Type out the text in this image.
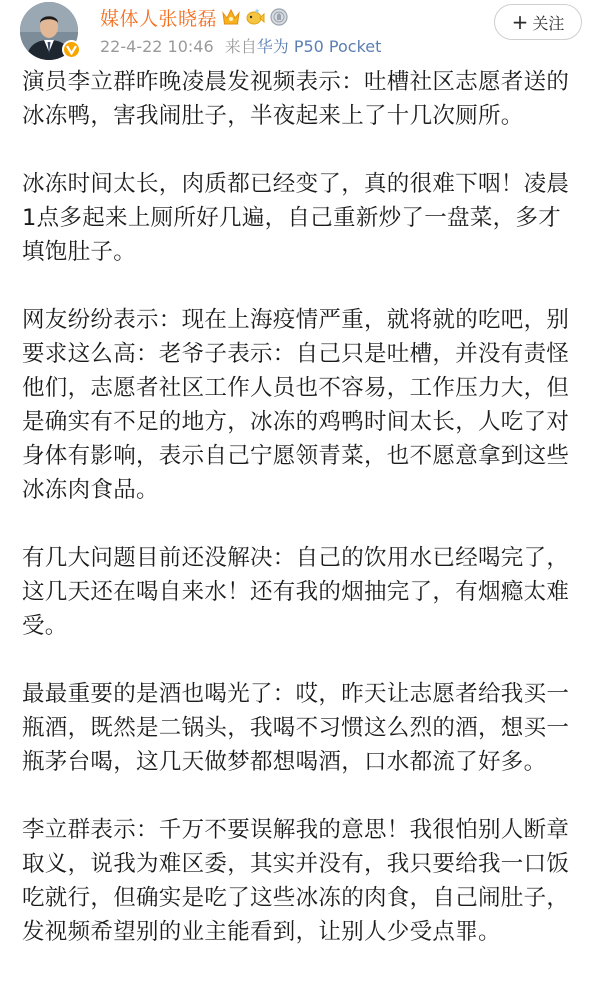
媒体人张晓磊
22-4-22 10:46 来自华为 P50 Pocket
+ 关注

演员李立群昨晚凌晨发视频表示：吐槽社区志愿者送的冰冻鸭，害我闹肚子，半夜起来上了十几次厕所。

冰冻时间太长，肉质都已经变了，真的很难下咽！凌晨1点多起来上厕所好几遍，自己重新炒了一盘菜，多才填饱肚子。

网友纷纷表示：现在上海疫情严重，就将就的吃吧，别要求这么高：老爷子表示：自己只是吐槽，并没有责怪他们，志愿者社区工作人员也不容易，工作压力大，但是确实有不足的地方，冰冻的鸡鸭时间太长，人吃了对身体有影响，表示自己宁愿领青菜，也不愿意拿到这些冰冻肉食品。

有几大问题目前还没解决：自己的饮用水已经喝完了，这几天还在喝自来水！还有我的烟抽完了，有烟瘾太难受。

最最重要的是酒也喝光了：哎，昨天让志愿者给我买一瓶酒，既然是二锅头，我喝不习惯这么烈的酒，想买一瓶茅台喝，这几天做梦都想喝酒，口水都流了好多。

李立群表示：千万不要误解我的意思！我很怕别人断章取义，说我为难区委，其实并没有，我只要给我一口饭吃就行，但确实是吃了这些冰冻的肉食，自己闹肚子，发视频希望别的业主能看到，让别人少受点罪。
